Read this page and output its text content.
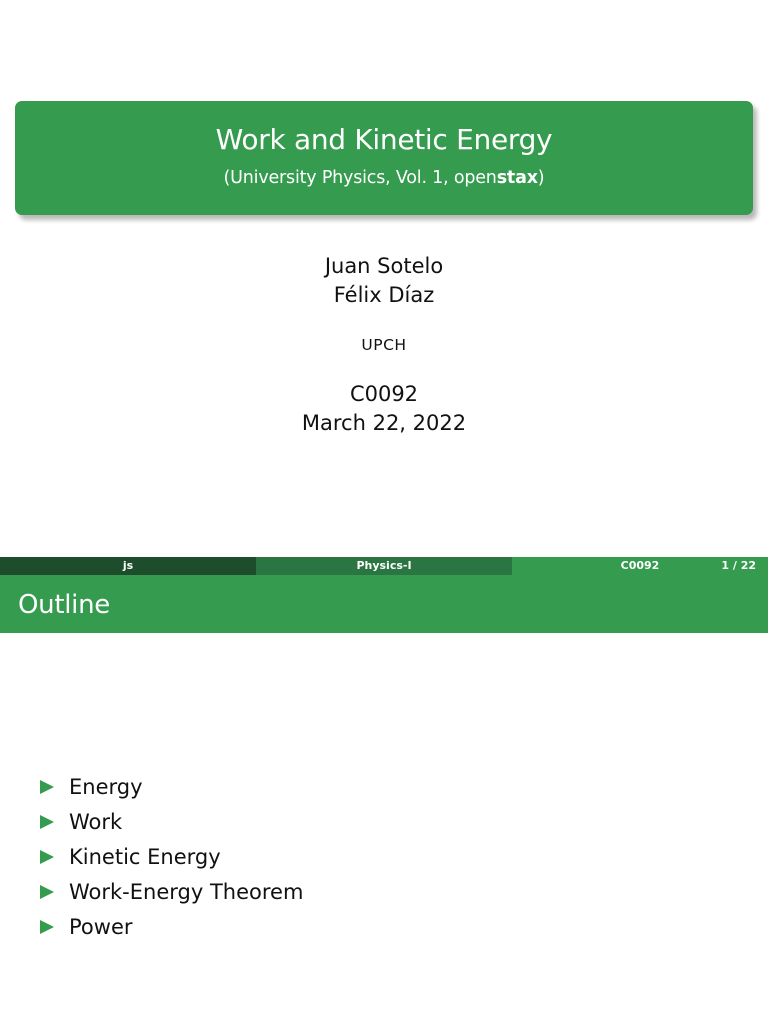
Work and Kinetic Energy
(University Physics, Vol. 1, openstax)
Juan Sotelo
Félix Díaz
UPCH
C0092
March 22, 2022
js	Physics-I	C0092	1 / 22
Outline
Energy
Work
Kinetic Energy
Work-Energy Theorem
Power
